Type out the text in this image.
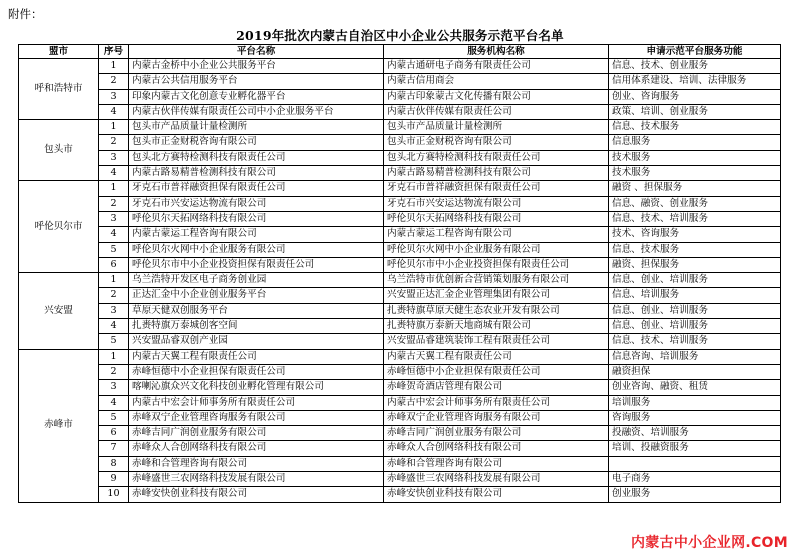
附件：
2019年批次内蒙古自治区中小企业公共服务示范平台名单
盟市	序号	平台名称	服务机构名称	申请示范平台服务功能
呼和浩特市	1	内蒙古金桥中小企业公共服务平台	内蒙古通研电子商务有限责任公司	信息、技术、创业服务
	2	内蒙古公共信用服务平台	内蒙古信用商会	信用体系建设、培训、法律服务
	3	印象内蒙古文化创意专业孵化器平台	内蒙古印象蒙古文化传播有限公司	创业、咨询服务
	4	内蒙古伙伴传媒有限责任公司中小企业服务平台	内蒙古伙伴传媒有限责任公司	政策、培训、创业服务
包头市	1	包头市产品质量计量检测所	包头市产品质量计量检测所	信息、技术服务
	2	包头市正金财税咨询有限公司	包头市正金财税咨询有限公司	信息服务
	3	包头北方赛特检测科技有限责任公司	包头北方赛特检测科技有限责任公司	技术服务
	4	内蒙古路易精普检测科技有限公司	内蒙古路易精普检测科技有限公司	技术服务
呼伦贝尔市	1	牙克石市普祥融资担保有限责任公司	牙克石市普祥融资担保有限责任公司	融资 、担保服务
	2	牙克石市兴安运达物流有限公司	牙克石市兴安运达物流有限公司	信息、融资、创业服务
	3	呼伦贝尔天拓网络科技有限公司	呼伦贝尔天拓网络科技有限公司	信息、技术、培训服务
	4	内蒙古蒙运工程咨询有限公司	内蒙古蒙运工程咨询有限公司	技术、咨询服务
	5	呼伦贝尔火网中小企业服务有限公司	呼伦贝尔火网中小企业服务有限公司	信息、技术服务
	6	呼伦贝尔市中小企业投资担保有限责任公司	呼伦贝尔市中小企业投资担保有限责任公司	融资、担保服务
兴安盟	1	乌兰浩特开发区电子商务创业园	乌兰浩特市优创新合营销策划服务有限公司	信息、创业、培训服务
	2	正达汇金中小企业创业服务平台	兴安盟正达汇金企业管理集团有限公司	信息、培训服务
	3	草原天健双创服务平台	扎赉特旗草原天健生态农业开发有限公司	信息、创业、培训服务
	4	扎赉特旗万泰城创客空间	扎赉特旗万泰新天地商城有限公司	信息、创业、培训服务
	5	兴安盟品睿双创产业园	兴安盟品睿建筑装饰工程有限责任公司	信息、技术、培训服务
赤峰市	1	内蒙古天翼工程有限责任公司	内蒙古天翼工程有限责任公司	信息咨询、培训服务
	2	赤峰恒德中小企业担保有限责任公司	赤峰恒德中小企业担保有限责任公司	融资担保
	3	喀喇沁旗众兴文化科技创业孵化管理有限公司	赤峰贺奇酒店管理有限公司	创业咨询、融资、租赁
	4	内蒙古中宏会计师事务所有限责任公司	内蒙古中宏会计师事务所有限责任公司	培训服务
	5	赤峰双宁企业管理咨询服务有限公司	赤峰双宁企业管理咨询服务有限公司	咨询服务
	6	赤峰吉同广润创业服务有限公司	赤峰吉同广润创业服务有限公司	投融资、培训服务
	7	赤峰众人合创网络科技有限公司	赤峰众人合创网络科技有限公司	培训、投融资服务
	8	赤峰和合管理咨询有限公司	赤峰和合管理咨询有限公司	
	9	赤峰盛世三农网络科技发展有限公司	赤峰盛世三农网络科技发展有限公司	电子商务
	10	赤峰安快创业科技有限公司	赤峰安快创业科技有限公司	创业服务
内蒙古中小企业网.COM
